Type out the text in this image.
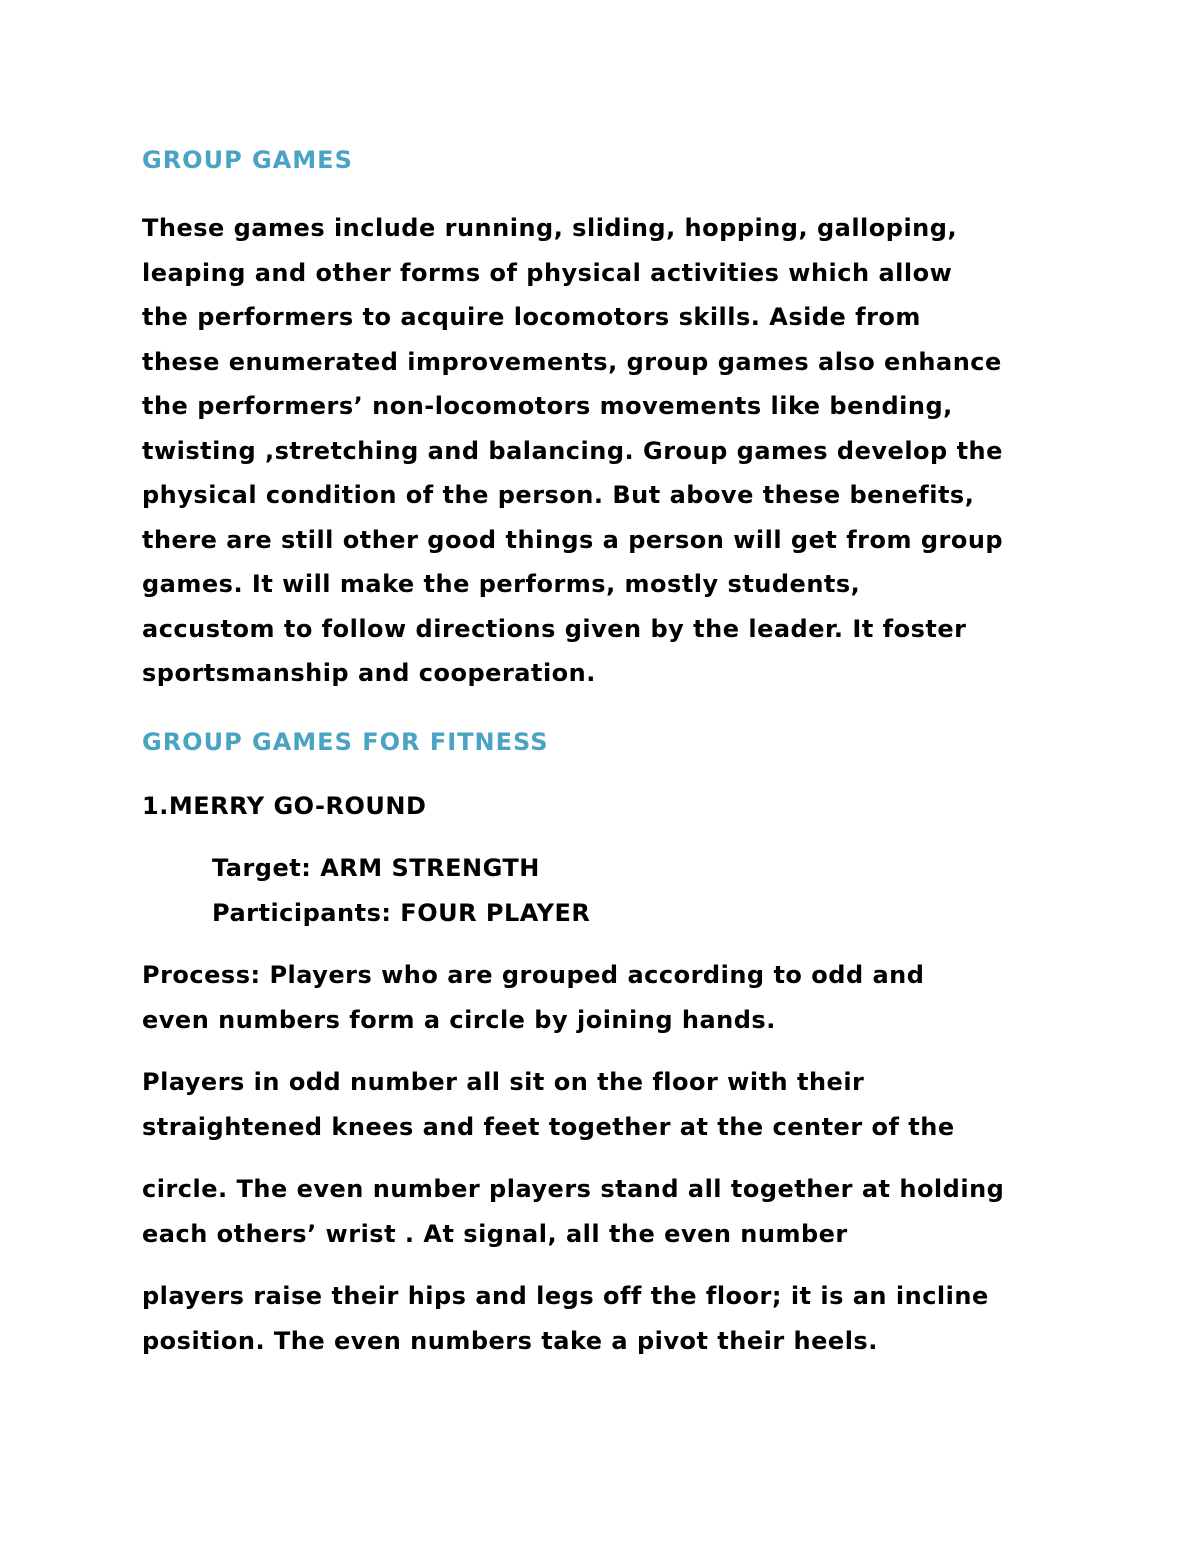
GROUP GAMES

These games include running, sliding, hopping, galloping,
leaping and other forms of physical activities which allow
the performers to acquire locomotors skills. Aside from
these enumerated improvements, group games also enhance
the performers’ non-locomotors movements like bending,
twisting ,stretching and balancing. Group games develop the
physical condition of the person. But above these benefits,
there are still other good things a person will get from group
games. It will make the performs, mostly students,
accustom to follow directions given by the leader. It foster
sportsmanship and cooperation.

GROUP GAMES FOR FITNESS

1.MERRY GO-ROUND

Target: ARM STRENGTH
Participants: FOUR PLAYER

Process: Players who are grouped according to odd and
even numbers form a circle by joining hands.

Players in odd number all sit on the floor with their
straightened knees and feet together at the center of the

circle. The even number players stand all together at holding
each others’ wrist . At signal, all the even number

players raise their hips and legs off the floor; it is an incline
position. The even numbers take a pivot their heels.
